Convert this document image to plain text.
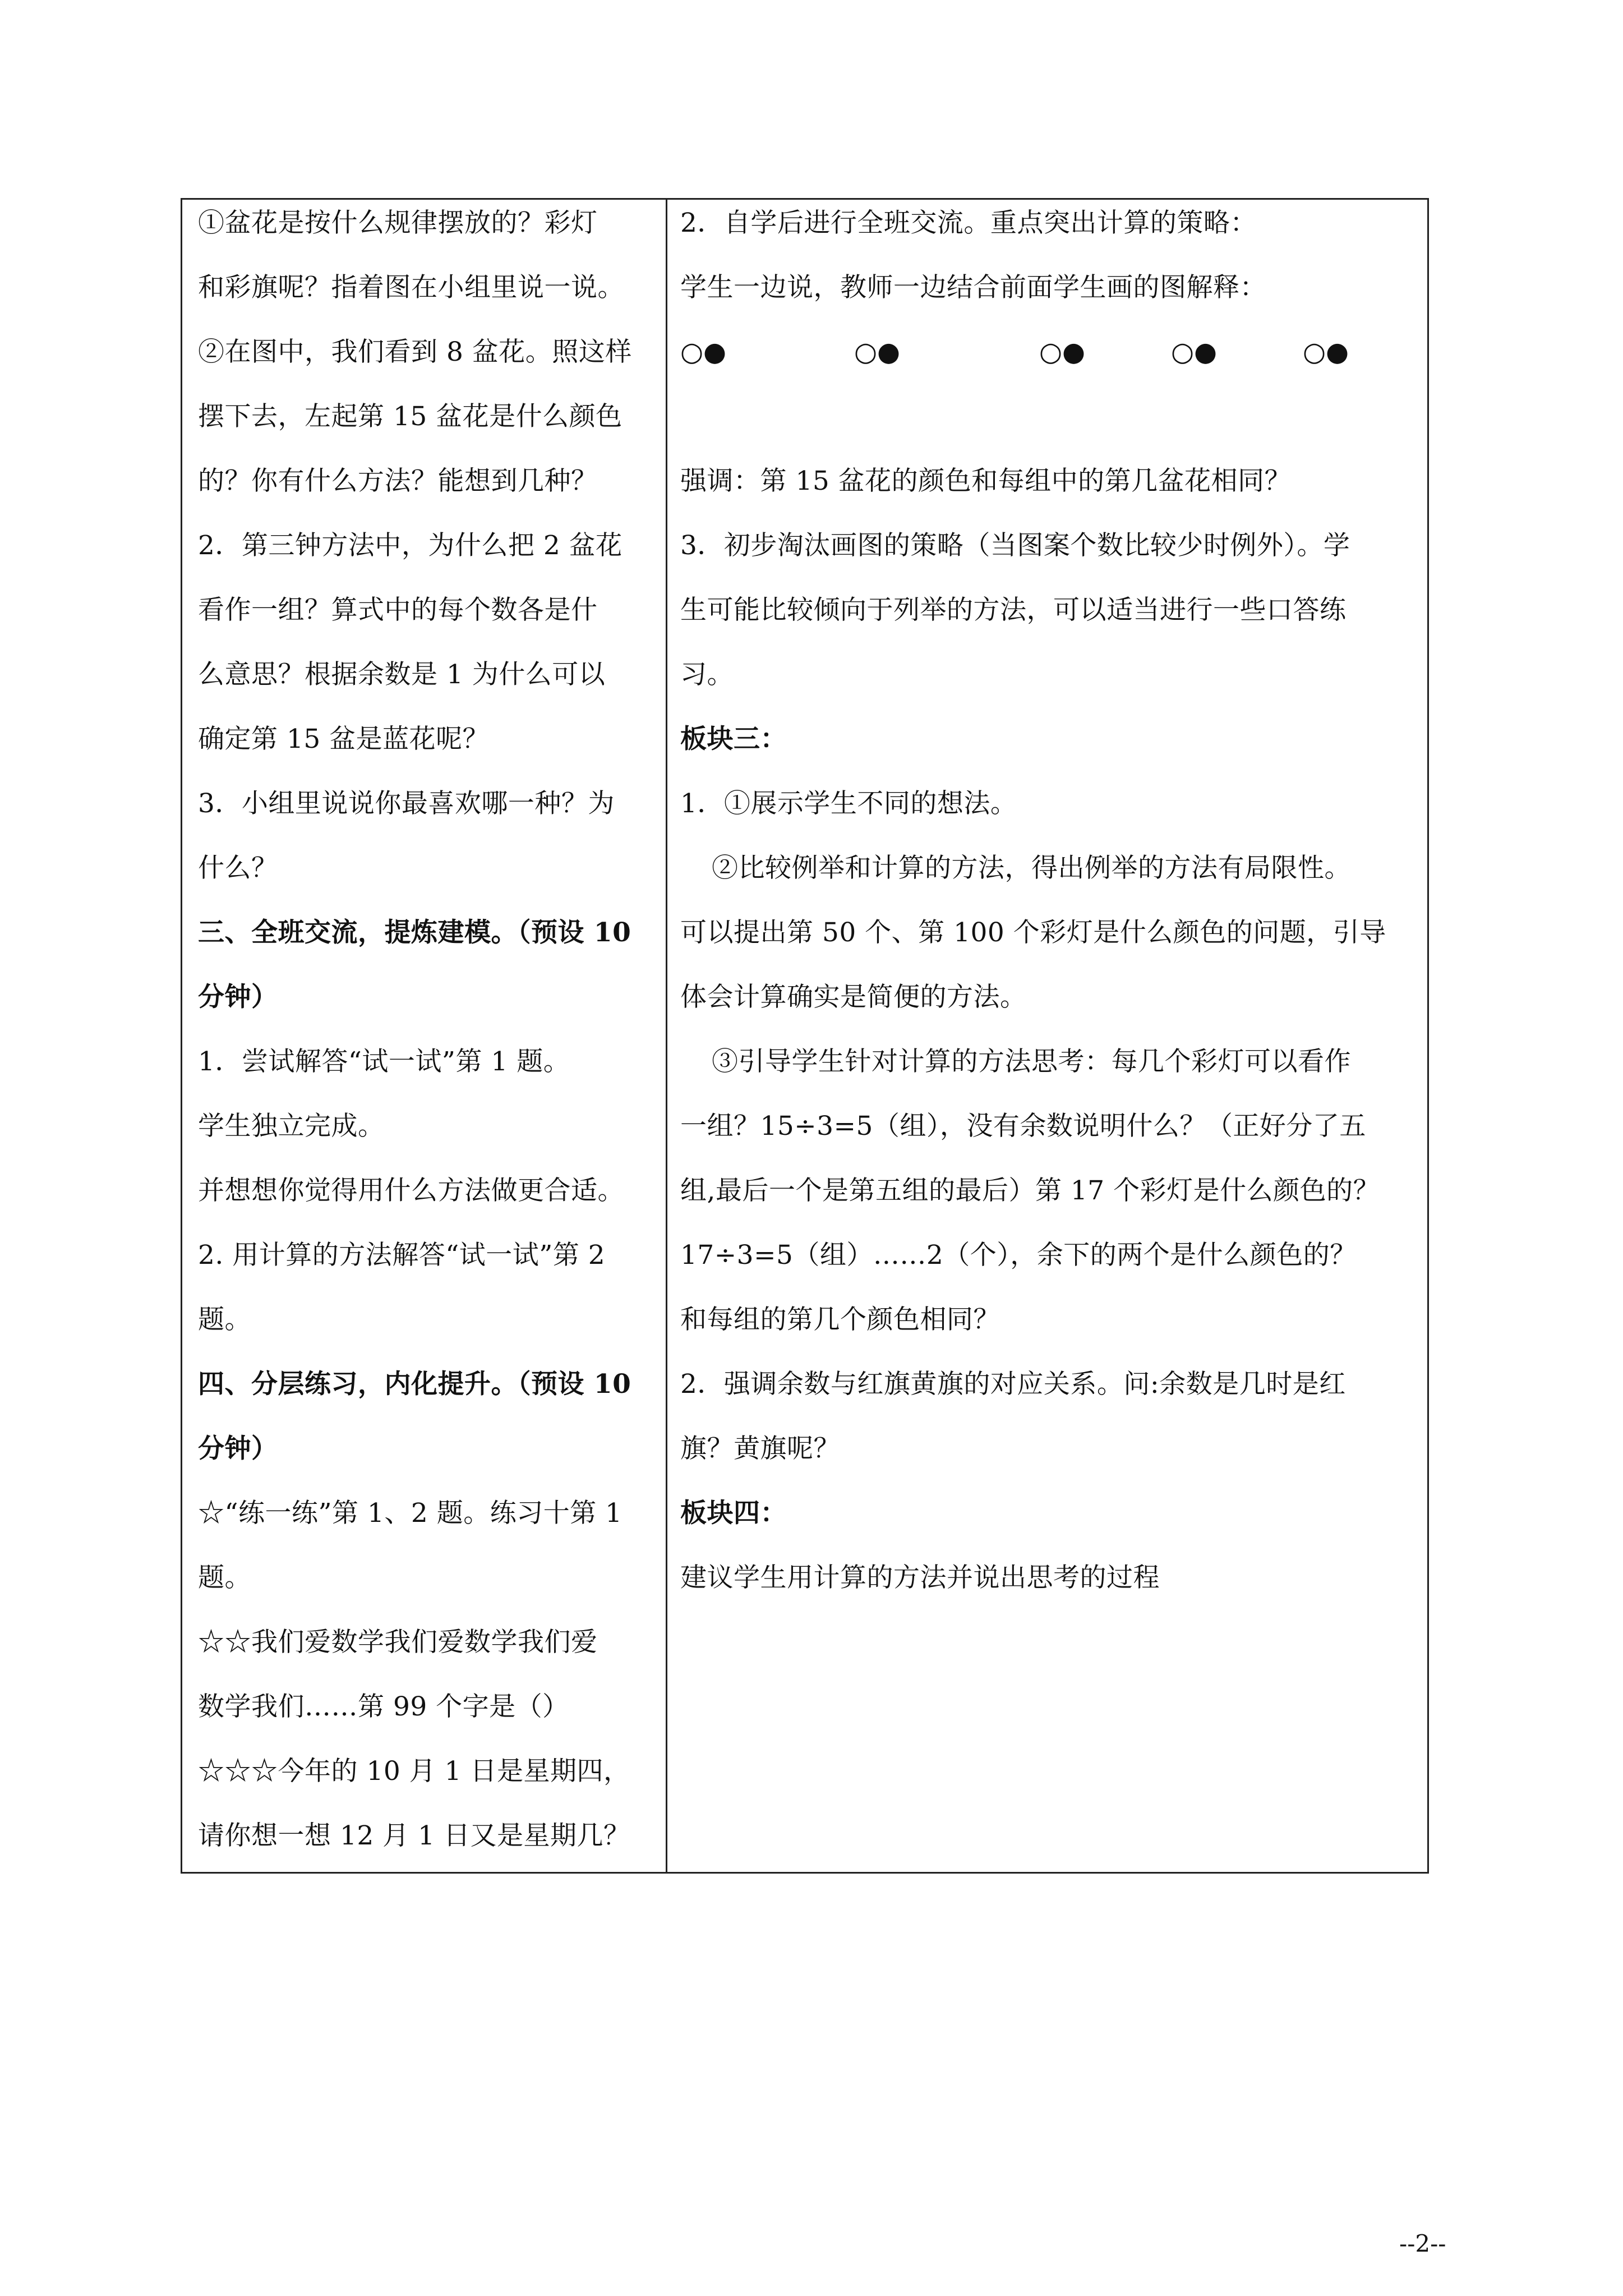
①盆花是按什么规律摆放的？彩灯
和彩旗呢？指着图在小组里说一说。
②在图中，我们看到 8 盆花。照这样
摆下去，左起第 15 盆花是什么颜色
的？你有什么方法？能想到几种？
2．第三钟方法中，为什么把 2 盆花
看作一组？算式中的每个数各是什
么意思？根据余数是 1 为什么可以
确定第 15 盆是蓝花呢？
3．小组里说说你最喜欢哪一种？为
什么？
三、全班交流，提炼建模。（预设 10
分钟）
1．尝试解答“试一试”第 1 题。
学生独立完成。
并想想你觉得用什么方法做更合适。
2. 用计算的方法解答“试一试”第 2
题。
四、分层练习，内化提升。（预设 10
分钟）
☆“练一练”第 1、2 题。练习十第 1
题。
☆☆我们爱数学我们爱数学我们爱
数学我们……第 99 个字是（）
☆☆☆今年的 10 月 1 日是星期四，
请你想一想 12 月 1 日又是星期几？
2．自学后进行全班交流。重点突出计算的策略：
学生一边说，教师一边结合前面学生画的图解释：
○●	○●	○●	○●	○●
强调：第 15 盆花的颜色和每组中的第几盆花相同？
3．初步淘汰画图的策略（当图案个数比较少时例外）。学
生可能比较倾向于列举的方法，可以适当进行一些口答练
习。
板块三：
1．①展示学生不同的想法。
②比较例举和计算的方法，得出例举的方法有局限性。
可以提出第 50 个、第 100 个彩灯是什么颜色的问题，引导
体会计算确实是简便的方法。
③引导学生针对计算的方法思考：每几个彩灯可以看作
一组？15÷3=5（组），没有余数说明什么？（正好分了五
组,最后一个是第五组的最后）第 17 个彩灯是什么颜色的？
17÷3=5（组）……2（个），余下的两个是什么颜色的？
和每组的第几个颜色相同？
2．强调余数与红旗黄旗的对应关系。问:余数是几时是红
旗？黄旗呢？
板块四：
建议学生用计算的方法并说出思考的过程
--2--
